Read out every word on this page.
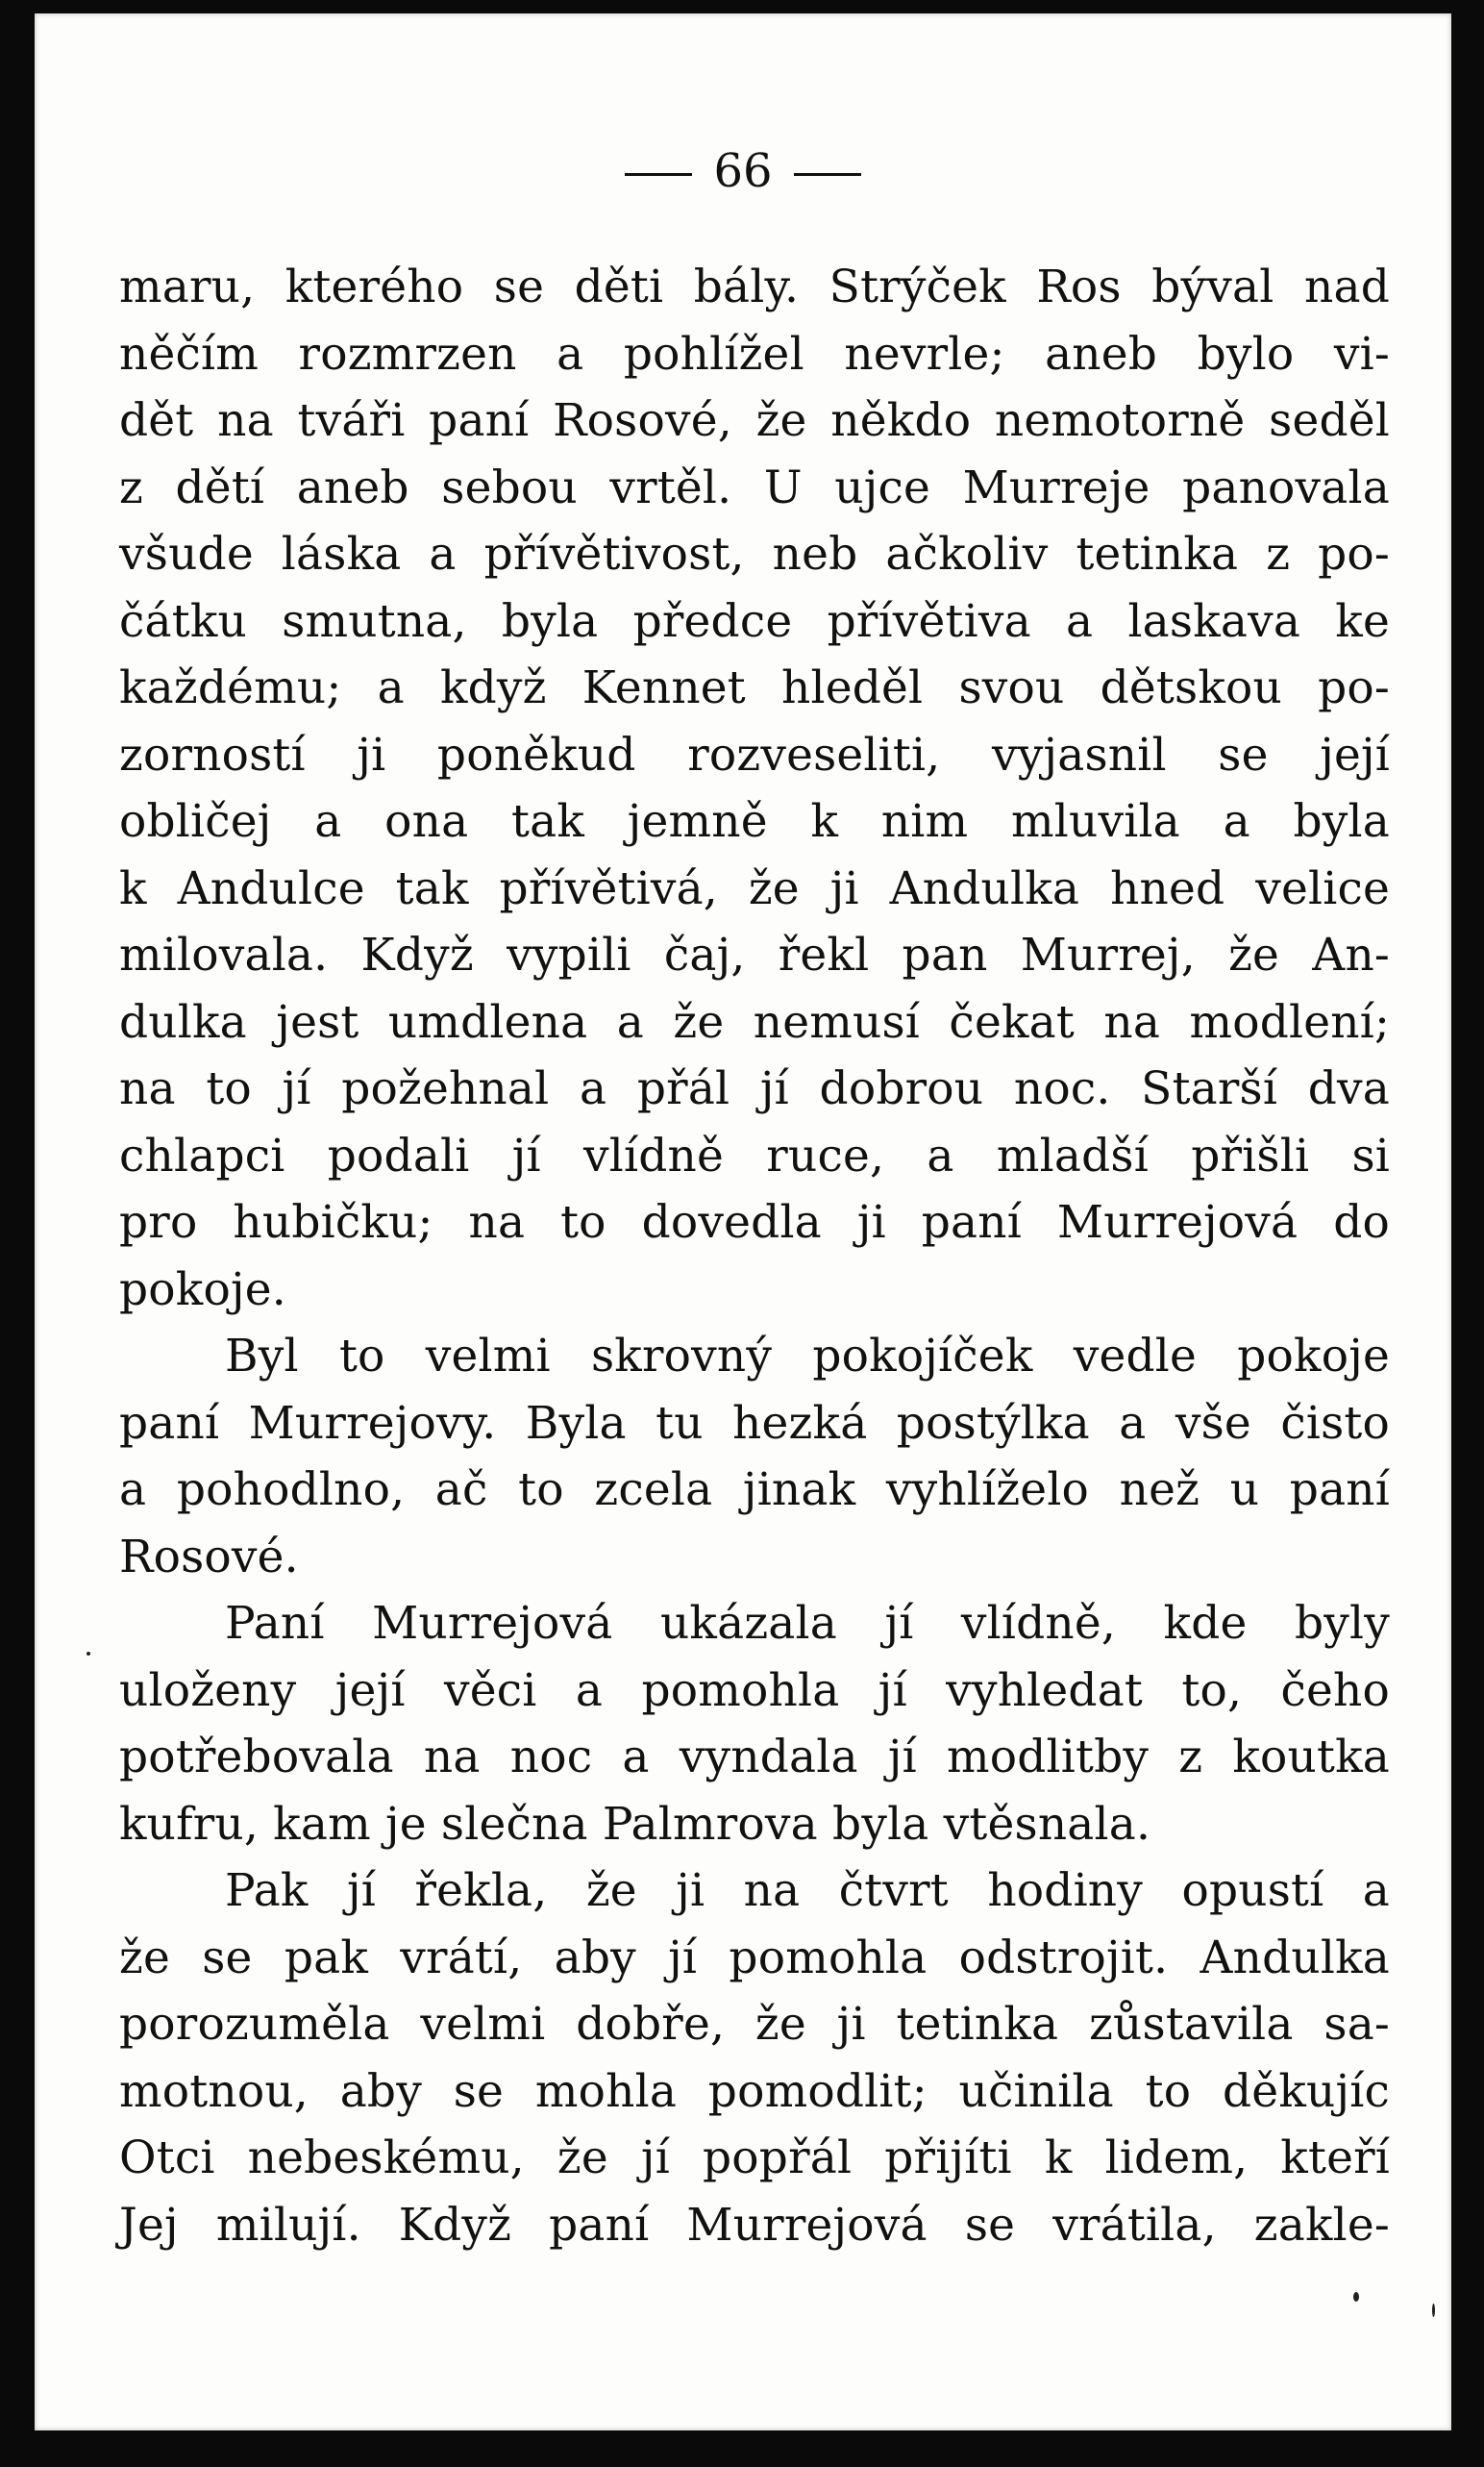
66
maru, kterého se děti bály. Strýček Ros býval nad
něčím rozmrzen a pohlížel nevrle; aneb bylo vi-
dět na tváři paní Rosové, že někdo nemotorně seděl
z dětí aneb sebou vrtěl. U ujce Murreje panovala
všude láska a přívětivost, neb ačkoliv tetinka z po-
čátku smutna, byla předce přívětiva a laskava ke
každému; a když Kennet hleděl svou dětskou po-
zorností ji poněkud rozveseliti, vyjasnil se její
obličej a ona tak jemně k nim mluvila a byla
k Andulce tak přívětivá, že ji Andulka hned velice
milovala. Když vypili čaj, řekl pan Murrej, že An-
dulka jest umdlena a že nemusí čekat na modlení;
na to jí požehnal a přál jí dobrou noc. Starší dva
chlapci podali jí vlídně ruce, a mladší přišli si
pro hubičku; na to dovedla ji paní Murrejová do
pokoje.
Byl to velmi skrovný pokojíček vedle pokoje
paní Murrejovy. Byla tu hezká postýlka a vše čisto
a pohodlno, ač to zcela jinak vyhlíželo než u paní
Rosové.
Paní Murrejová ukázala jí vlídně, kde byly
uloženy její věci a pomohla jí vyhledat to, čeho
potřebovala na noc a vyndala jí modlitby z koutka
kufru, kam je slečna Palmrova byla vtěsnala.
Pak jí řekla, že ji na čtvrt hodiny opustí a
že se pak vrátí, aby jí pomohla odstrojit. Andulka
porozuměla velmi dobře, že ji tetinka zůstavila sa-
motnou, aby se mohla pomodlit; učinila to děkujíc
Otci nebeskému, že jí popřál přijíti k lidem, kteří
Jej milují. Když paní Murrejová se vrátila, zakle-
